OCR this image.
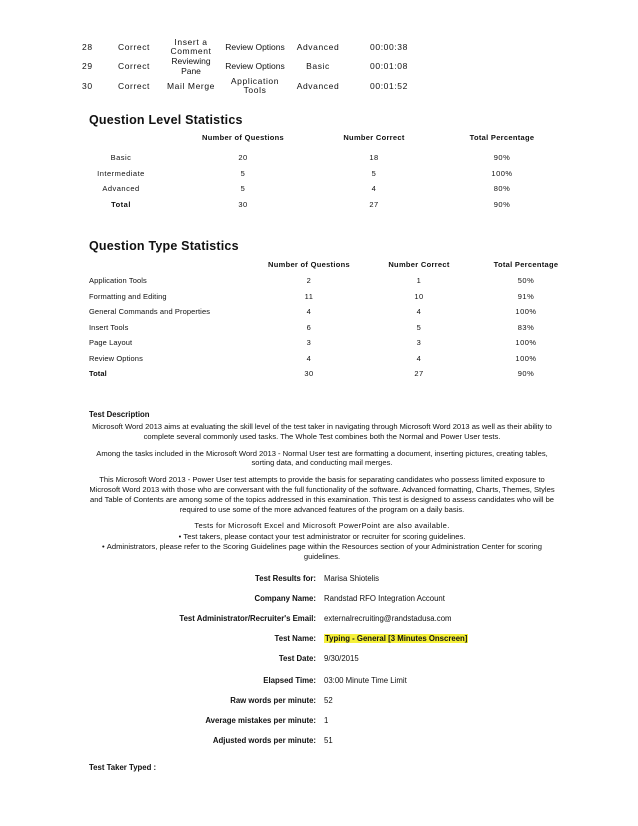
28	Correct	Insert a Comment	Review Options	Advanced	00:00:38
29	Correct	Reviewing Pane	Review Options	Basic	00:01:08
30	Correct	Mail Merge	Application Tools	Advanced	00:01:52
Question Level Statistics
	Number of Questions	Number Correct	Total Percentage

Basic	20	18	90%
Intermediate	5	5	100%
Advanced	5	4	80%
Total	30	27	90%
Question Type Statistics
	Number of Questions	Number Correct	Total Percentage

Application Tools	2	1	50%
Formatting and Editing	11	10	91%
General Commands and Properties	4	4	100%
Insert Tools	6	5	83%
Page Layout	3	3	100%
Review Options	4	4	100%
Total	30	27	90%
Test Description

Microsoft Word 2013 aims at evaluating the skill level of the test taker in navigating through Microsoft Word 2013 as well as their ability to complete several commonly used tasks. The Whole Test combines both the Normal and Power User tests.

Among the tasks included in the Microsoft Word 2013 - Normal User test are formatting a document, inserting pictures, creating tables, sorting data, and conducting mail merges.

This Microsoft Word 2013 - Power User test attempts to provide the basis for separating candidates who possess limited exposure to Microsoft Word 2013 with those who are conversant with the full functionality of the software. Advanced formatting, Charts, Themes, Styles and Table of Contents are among some of the topics addressed in this examination. This test is designed to assess candidates who will be required to use some of the more advanced features of the program on a daily basis.

Tests for Microsoft Excel and Microsoft PowerPoint are also available.

• Test takers, please contact your test administrator or recruiter for scoring guidelines.
• Administrators, please refer to the Scoring Guidelines page within the Resources section of your Administration Center for scoring guidelines.
Test Results for: Marisa Shiotelis
Company Name: Randstad RFO Integration Account
Test Administrator/Recruiter's Email: externalrecruiting@randstadusa.com
Test Name: Typing - General [3 Minutes Onscreen]
Test Date: 9/30/2015
Elapsed Time: 03:00 Minute Time Limit
Raw words per minute: 52
Average mistakes per minute: 1
Adjusted words per minute: 51
Test Taker Typed :
